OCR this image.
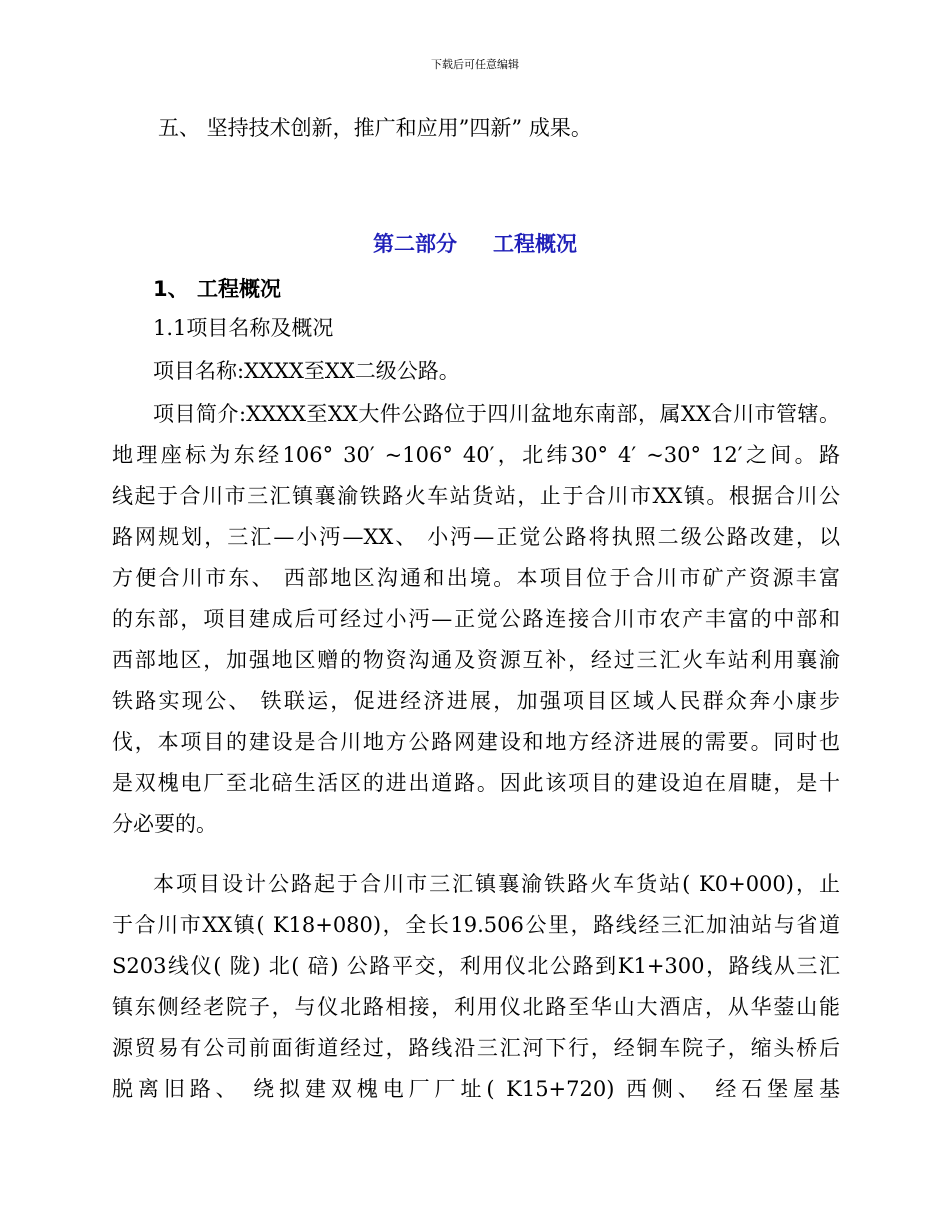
下载后可任意编辑
五、 坚持技术创新，推广和应用”四新” 成果。
第二部分 工程概况
1、 工程概况
1.1项目名称及概况
项目名称:XXXX至XX二级公路。
项目简介:XXXX至XX大件公路位于四川盆地东南部，属XX合川市管辖。
地理座标为东经106° 30′ ~106° 40′，北纬30° 4′ ~30° 12′之间。路
线起于合川市三汇镇襄渝铁路火车站货站，止于合川市XX镇。根据合川公
路网规划，三汇—小沔—XX、 小沔—正觉公路将执照二级公路改建，以
方便合川市东、 西部地区沟通和出境。本项目位于合川市矿产资源丰富
的东部，项目建成后可经过小沔—正觉公路连接合川市农产丰富的中部和
西部地区，加强地区赠的物资沟通及资源互补，经过三汇火车站利用襄渝
铁路实现公、 铁联运，促进经济进展，加强项目区域人民群众奔小康步
伐，本项目的建设是合川地方公路网建设和地方经济进展的需要。同时也
是双槐电厂至北碚生活区的进出道路。因此该项目的建设迫在眉睫，是十
分必要的。
本项目设计公路起于合川市三汇镇襄渝铁路火车货站( K0+000)，止
于合川市XX镇( K18+080)，全长19.506公里，路线经三汇加油站与省道
S203线仪( 陇) 北( 碚) 公路平交，利用仪北公路到K1+300，路线从三汇
镇东侧经老院子，与仪北路相接，利用仪北路至华山大酒店，从华蓥山能
源贸易有公司前面街道经过，路线沿三汇河下行，经铜车院子，缩头桥后
脱离旧路、 绕拟建双槐电厂厂址( K15+720) 西侧、 经石堡屋基
